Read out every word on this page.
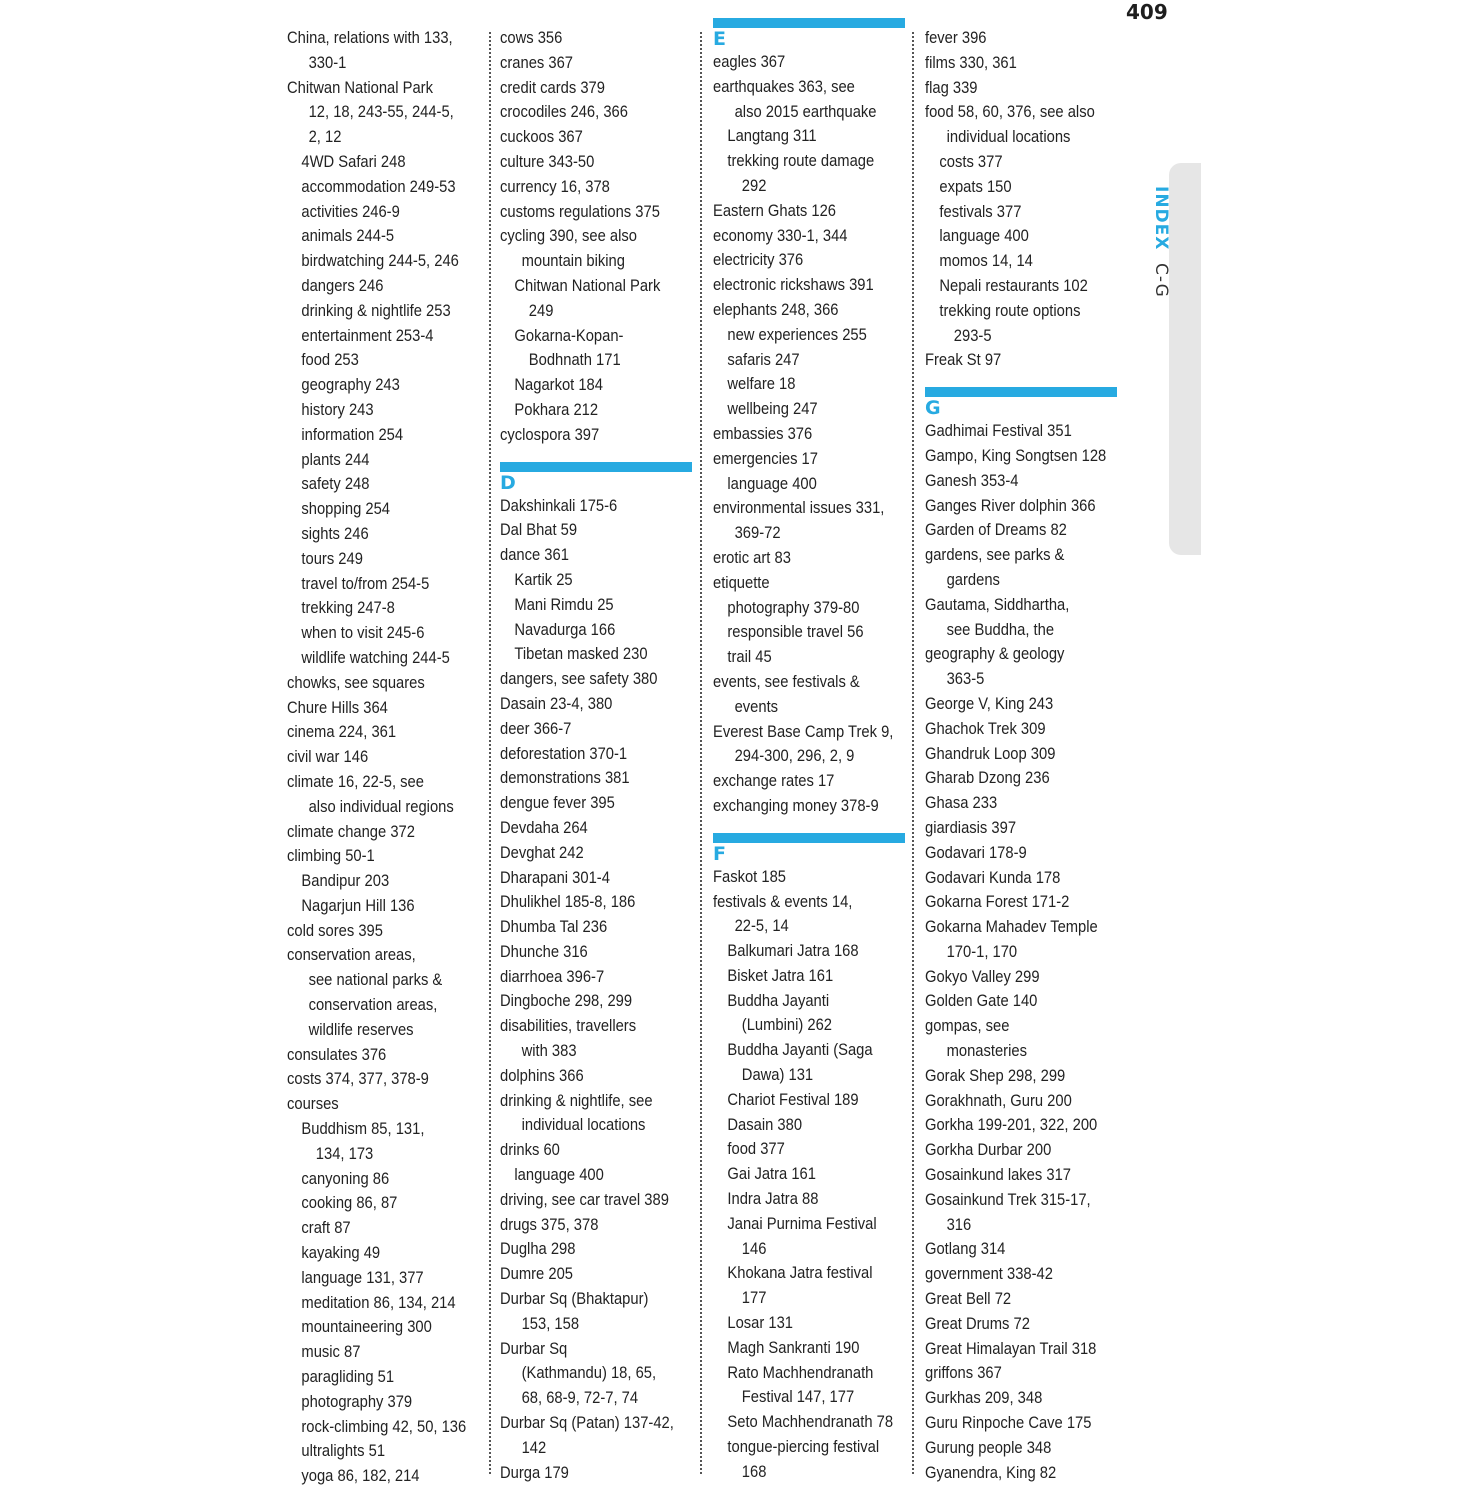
409
INDEX C-G
China, relations with 133,
330-1
Chitwan National Park
12, 18, 243-55, 244-5,
2, 12
4WD Safari 248
accommodation 249-53
activities 246-9
animals 244-5
birdwatching 244-5, 246
dangers 246
drinking & nightlife 253
entertainment 253-4
food 253
geography 243
history 243
information 254
plants 244
safety 248
shopping 254
sights 246
tours 249
travel to/from 254-5
trekking 247-8
when to visit 245-6
wildlife watching 244-5
chowks, see squares
Chure Hills 364
cinema 224, 361
civil war 146
climate 16, 22-5, see
also individual regions
climate change 372
climbing 50-1
Bandipur 203
Nagarjun Hill 136
cold sores 395
conservation areas,
see national parks &
conservation areas,
wildlife reserves
consulates 376
costs 374, 377, 378-9
courses
Buddhism 85, 131,
134, 173
canyoning 86
cooking 86, 87
craft 87
kayaking 49
language 131, 377
meditation 86, 134, 214
mountaineering 300
music 87
paragliding 51
photography 379
rock-climbing 42, 50, 136
ultralights 51
yoga 86, 182, 214
cows 356
cranes 367
credit cards 379
crocodiles 246, 366
cuckoos 367
culture 343-50
currency 16, 378
customs regulations 375
cycling 390, see also
mountain biking
Chitwan National Park
249
Gokarna-Kopan-
Bodhnath 171
Nagarkot 184
Pokhara 212
cyclospora 397
D
Dakshinkali 175-6
Dal Bhat 59
dance 361
Kartik 25
Mani Rimdu 25
Navadurga 166
Tibetan masked 230
dangers, see safety 380
Dasain 23-4, 380
deer 366-7
deforestation 370-1
demonstrations 381
dengue fever 395
Devdaha 264
Devghat 242
Dharapani 301-4
Dhulikhel 185-8, 186
Dhumba Tal 236
Dhunche 316
diarrhoea 396-7
Dingboche 298, 299
disabilities, travellers
with 383
dolphins 366
drinking & nightlife, see
individual locations
drinks 60
language 400
driving, see car travel 389
drugs 375, 378
Duglha 298
Dumre 205
Durbar Sq (Bhaktapur)
153, 158
Durbar Sq
(Kathmandu) 18, 65,
68, 68-9, 72-7, 74
Durbar Sq (Patan) 137-42,
142
Durga 179
E
eagles 367
earthquakes 363, see
also 2015 earthquake
Langtang 311
trekking route damage
292
Eastern Ghats 126
economy 330-1, 344
electricity 376
electronic rickshaws 391
elephants 248, 366
new experiences 255
safaris 247
welfare 18
wellbeing 247
embassies 376
emergencies 17
language 400
environmental issues 331,
369-72
erotic art 83
etiquette
photography 379-80
responsible travel 56
trail 45
events, see festivals &
events
Everest Base Camp Trek 9,
294-300, 296, 2, 9
exchange rates 17
exchanging money 378-9
F
Faskot 185
festivals & events 14,
22-5, 14
Balkumari Jatra 168
Bisket Jatra 161
Buddha Jayanti
(Lumbini) 262
Buddha Jayanti (Saga
Dawa) 131
Chariot Festival 189
Dasain 380
food 377
Gai Jatra 161
Indra Jatra 88
Janai Purnima Festival
146
Khokana Jatra festival
177
Losar 131
Magh Sankranti 190
Rato Machhendranath
Festival 147, 177
Seto Machhendranath 78
tongue-piercing festival
168
fever 396
films 330, 361
flag 339
food 58, 60, 376, see also
individual locations
costs 377
expats 150
festivals 377
language 400
momos 14, 14
Nepali restaurants 102
trekking route options
293-5
Freak St 97
G
Gadhimai Festival 351
Gampo, King Songtsen 128
Ganesh 353-4
Ganges River dolphin 366
Garden of Dreams 82
gardens, see parks &
gardens
Gautama, Siddhartha,
see Buddha, the
geography & geology
363-5
George V, King 243
Ghachok Trek 309
Ghandruk Loop 309
Gharab Dzong 236
Ghasa 233
giardiasis 397
Godavari 178-9
Godavari Kunda 178
Gokarna Forest 171-2
Gokarna Mahadev Temple
170-1, 170
Gokyo Valley 299
Golden Gate 140
gompas, see
monasteries
Gorak Shep 298, 299
Gorakhnath, Guru 200
Gorkha 199-201, 322, 200
Gorkha Durbar 200
Gosainkund lakes 317
Gosainkund Trek 315-17,
316
Gotlang 314
government 338-42
Great Bell 72
Great Drums 72
Great Himalayan Trail 318
griffons 367
Gurkhas 209, 348
Guru Rinpoche Cave 175
Gurung people 348
Gyanendra, King 82
